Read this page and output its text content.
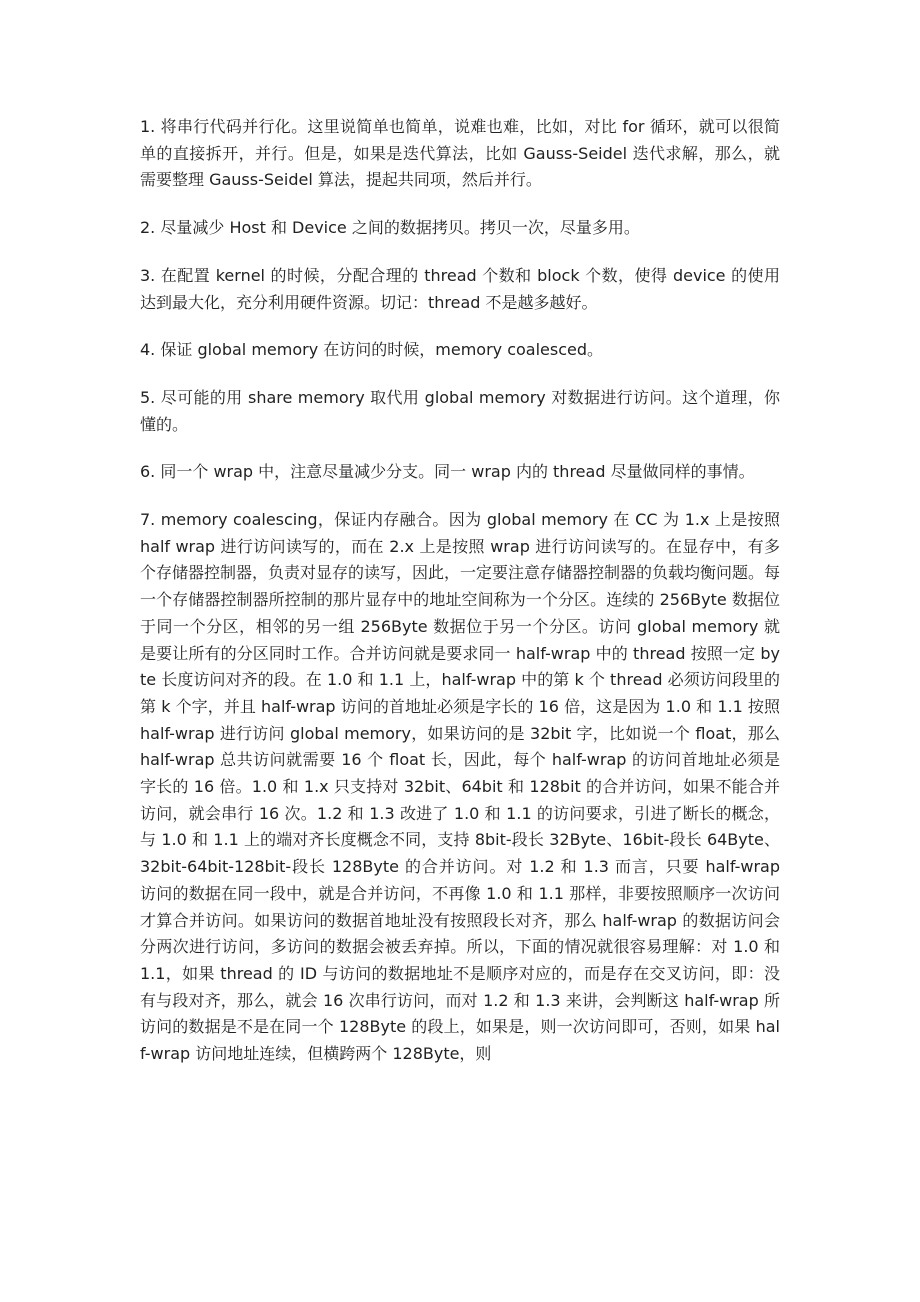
1. 将串行代码并行化。这里说简单也简单，说难也难，比如，对比 for 循环，就可以很简单的直接拆开，并行。但是，如果是迭代算法，比如 Gauss-Seidel 迭代求解，那么，就需要整理 Gauss-Seidel 算法，提起共同项，然后并行。

2. 尽量减少 Host 和 Device 之间的数据拷贝。拷贝一次，尽量多用。

3. 在配置 kernel 的时候，分配合理的 thread 个数和 block 个数，使得 device 的使用达到最大化，充分利用硬件资源。切记：thread 不是越多越好。

4. 保证 global memory 在访问的时候，memory coalesced。

5. 尽可能的用 share memory 取代用 global memory 对数据进行访问。这个道理，你懂的。

6. 同一个 wrap 中，注意尽量减少分支。同一 wrap 内的 thread 尽量做同样的事情。

7. memory coalescing，保证内存融合。因为 global memory 在 CC 为 1.x 上是按照 half wrap 进行访问读写的，而在 2.x 上是按照 wrap 进行访问读写的。在显存中，有多个存储器控制器，负责对显存的读写，因此，一定要注意存储器控制器的负载均衡问题。每一个存储器控制器所控制的那片显存中的地址空间称为一个分区。连续的 256Byte 数据位于同一个分区，相邻的另一组 256Byte 数据位于另一个分区。访问 global memory 就是要让所有的分区同时工作。合并访问就是要求同一 half-wrap 中的 thread 按照一定 byte 长度访问对齐的段。在 1.0 和 1.1 上，half-wrap 中的第 k 个 thread 必须访问段里的第 k 个字，并且 half-wrap 访问的首地址必须是字长的 16 倍，这是因为 1.0 和 1.1 按照 half-wrap 进行访问 global memory，如果访问的是 32bit 字，比如说一个 float，那么 half-wrap 总共访问就需要 16 个 float 长，因此，每个 half-wrap 的访问首地址必须是字长的 16 倍。1.0 和 1.x 只支持对 32bit、64bit 和 128bit 的合并访问，如果不能合并访问，就会串行 16 次。1.2 和 1.3 改进了 1.0 和 1.1 的访问要求，引进了断长的概念，与 1.0 和 1.1 上的端对齐长度概念不同，支持 8bit-段长 32Byte、16bit-段长 64Byte、32bit-64bit-128bit-段长 128Byte 的合并访问。对 1.2 和 1.3 而言，只要 half-wrap 访问的数据在同一段中，就是合并访问，不再像 1.0 和 1.1 那样，非要按照顺序一次访问才算合并访问。如果访问的数据首地址没有按照段长对齐，那么 half-wrap 的数据访问会分两次进行访问，多访问的数据会被丢弃掉。所以，下面的情况就很容易理解：对 1.0 和 1.1，如果 thread 的 ID 与访问的数据地址不是顺序对应的，而是存在交叉访问，即：没有与段对齐，那么，就会 16 次串行访问，而对 1.2 和 1.3 来讲，会判断这 half-wrap 所访问的数据是不是在同一个 128Byte 的段上，如果是，则一次访问即可，否则，如果 half-wrap 访问地址连续，但横跨两个 128Byte，则
